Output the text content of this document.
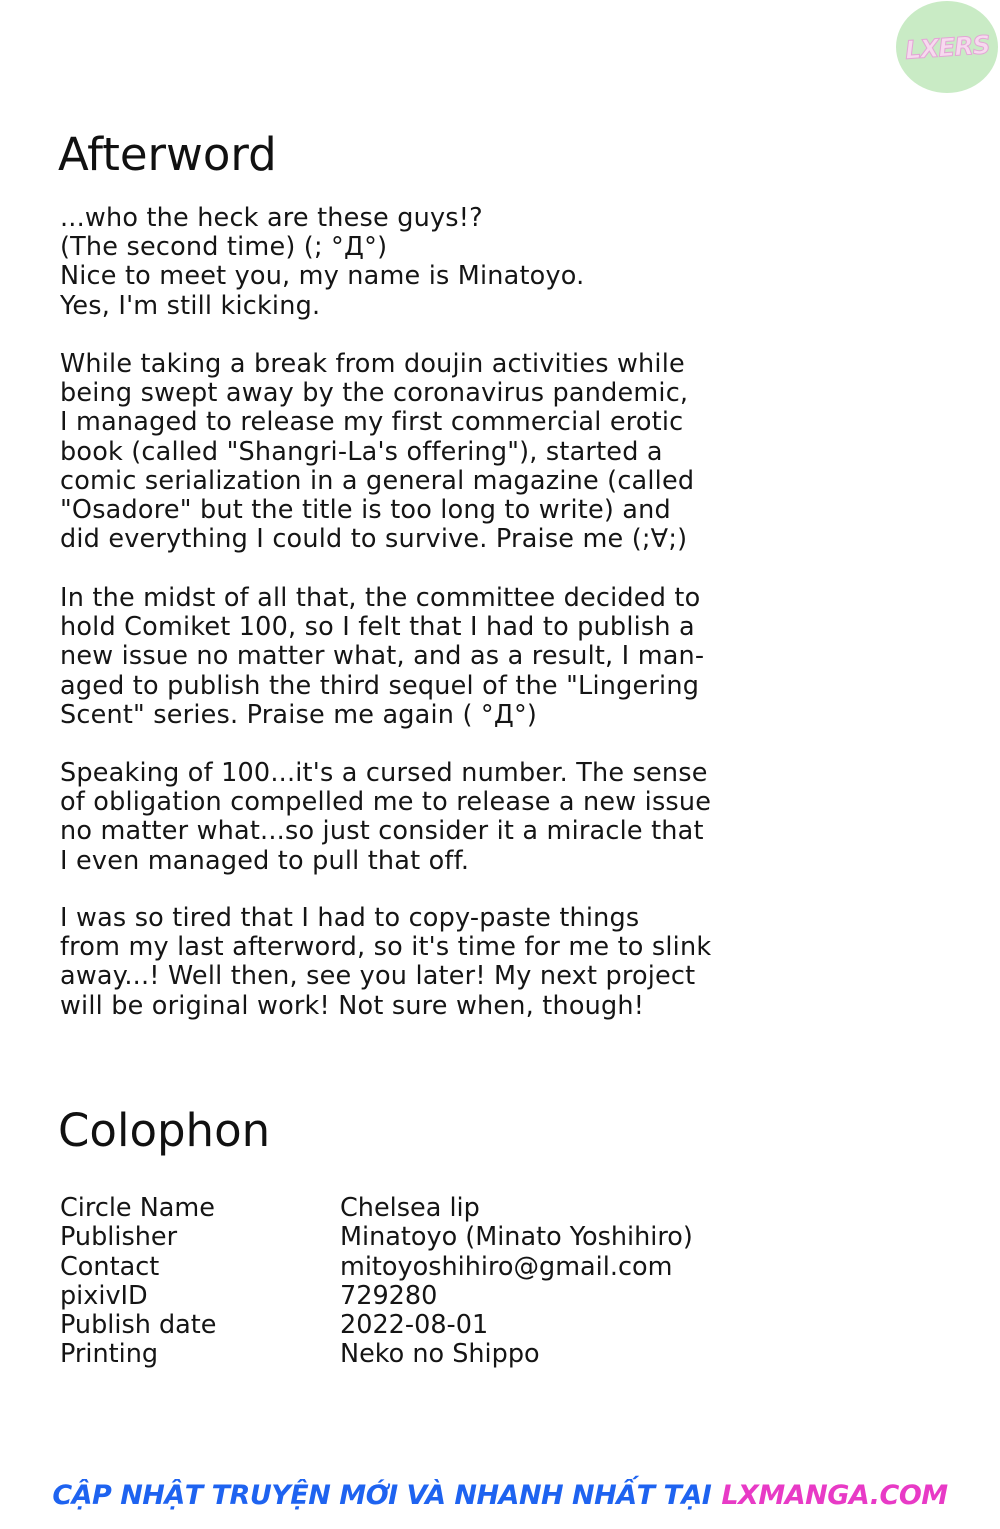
LXERS
Afterword

...who the heck are these guys!?
(The second time) (; °Д°)
Nice to meet you, my name is Minatoyo.
Yes, I'm still kicking.

While taking a break from doujin activities while
being swept away by the coronavirus pandemic,
I managed to release my first commercial erotic
book (called "Shangri-La's offering"), started a
comic serialization in a general magazine (called
"Osadore" but the title is too long to write) and
did everything I could to survive. Praise me (;∀;)

In the midst of all that, the committee decided to
hold Comiket 100, so I felt that I had to publish a
new issue no matter what, and as a result, I man-
aged to publish the third sequel of the "Lingering
Scent" series. Praise me again ( °Д°)

Speaking of 100...it's a cursed number. The sense
of obligation compelled me to release a new issue
no matter what...so just consider it a miracle that
I even managed to pull that off.

I was so tired that I had to copy-paste things
from my last afterword, so it's time for me to slink
away...! Well then, see you later! My next project
will be original work! Not sure when, though!

Colophon
Circle Name	Chelsea lip
Publisher	Minatoyo (Minato Yoshihiro)
Contact	mitoyoshihiro@gmail.com
pixivID	729280
Publish date	2022-08-01
Printing	Neko no Shippo
CẬP NHẬT TRUYỆN MỚI VÀ NHANH NHẤT TẠI LXMANGA.COM
